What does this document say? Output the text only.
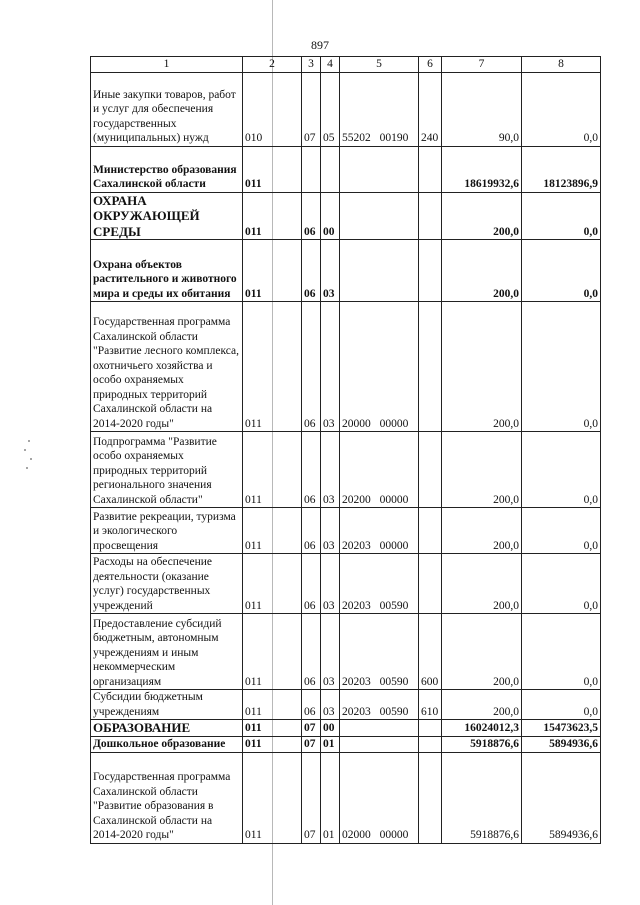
897
1	2	3	4	5	6	7	8
Иные закупки товаров, работ и услуг для обеспечения государственных (муниципальных) нужд	010	07	05	55202 00190	240	90,0	0,0
Министерство образования Сахалинской области	011					18619932,6	18123896,9
ОХРАНА ОКРУЖАЮЩЕЙ СРЕДЫ	011	06	00			200,0	0,0
Охрана объектов растительного и животного мира и среды их обитания	011	06	03			200,0	0,0
Государственная программа Сахалинской области "Развитие лесного комплекса, охотничьего хозяйства и особо охраняемых природных территорий Сахалинской области на 2014-2020 годы"	011	06	03	20000 00000		200,0	0,0
Подпрограмма "Развитие особо охраняемых природных территорий регионального значения Сахалинской области"	011	06	03	20200 00000		200,0	0,0
Развитие рекреации, туризма и экологического просвещения	011	06	03	20203 00000		200,0	0,0
Расходы на обеспечение деятельности (оказание услуг) государственных учреждений	011	06	03	20203 00590		200,0	0,0
Предоставление субсидий бюджетным, автономным учреждениям и иным некоммерческим организациям	011	06	03	20203 00590	600	200,0	0,0
Субсидии бюджетным учреждениям	011	06	03	20203 00590	610	200,0	0,0
ОБРАЗОВАНИЕ	011	07	00			16024012,3	15473623,5
Дошкольное образование	011	07	01			5918876,6	5894936,6
Государственная программа Сахалинской области "Развитие образования в Сахалинской области на 2014-2020 годы"	011	07	01	02000 00000		5918876,6	5894936,6
